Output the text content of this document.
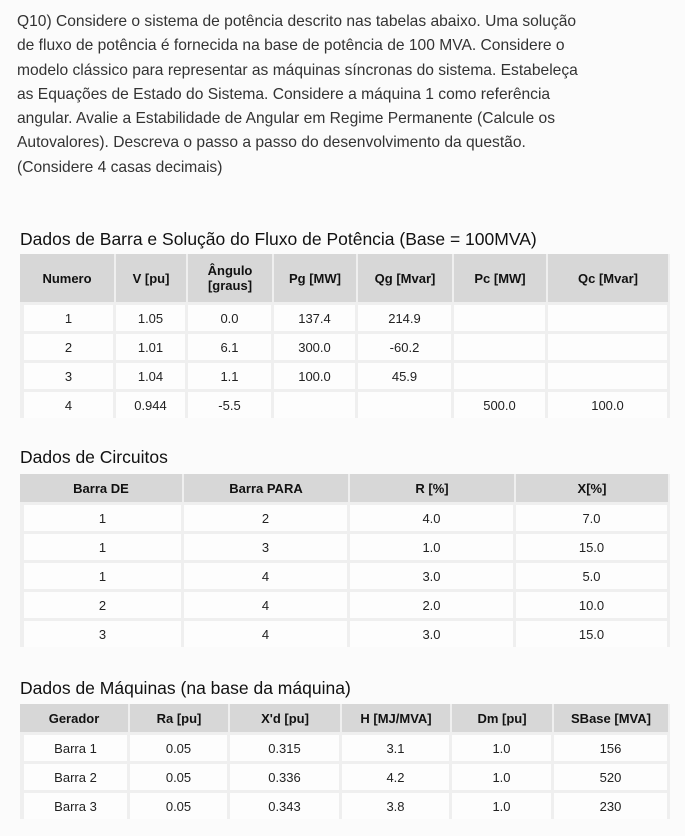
Q10) Considere o sistema de potência descrito nas tabelas abaixo. Uma solução

de fluxo de potência é fornecida na base de potência de 100 MVA. Considere o

modelo clássico para representar as máquinas síncronas do sistema. Estabeleça

as Equações de Estado do Sistema. Considere a máquina 1 como referência

angular. Avalie a Estabilidade de Angular em Regime Permanente (Calcule os

Autovalores). Descreva o passo a passo do desenvolvimento da questão.

(Considere 4 casas decimais)

Dados de Barra e Solução do Fluxo de Potência (Base = 100MVA)
Numero	V [pu]	Ângulo
[graus]	Pg [MW]	Qg [Mvar]	Pc [MW]	Qc [Mvar]
1	1.05	0.0	137.4	214.9		
2	1.01	6.1	300.0	-60.2		
3	1.04	1.1	100.0	45.9		
4	0.944	-5.5			500.0	100.0
Dados de Circuitos
Barra DE	Barra PARA	R [%]	X[%]
1	2	4.0	7.0
1	3	1.0	15.0
1	4	3.0	5.0
2	4	2.0	10.0
3	4	3.0	15.0
Dados de Máquinas (na base da máquina)
Gerador	Ra [pu]	X'd [pu]	H [MJ/MVA]	Dm [pu]	SBase [MVA]
Barra 1	0.05	0.315	3.1	1.0	156
Barra 2	0.05	0.336	4.2	1.0	520
Barra 3	0.05	0.343	3.8	1.0	230
